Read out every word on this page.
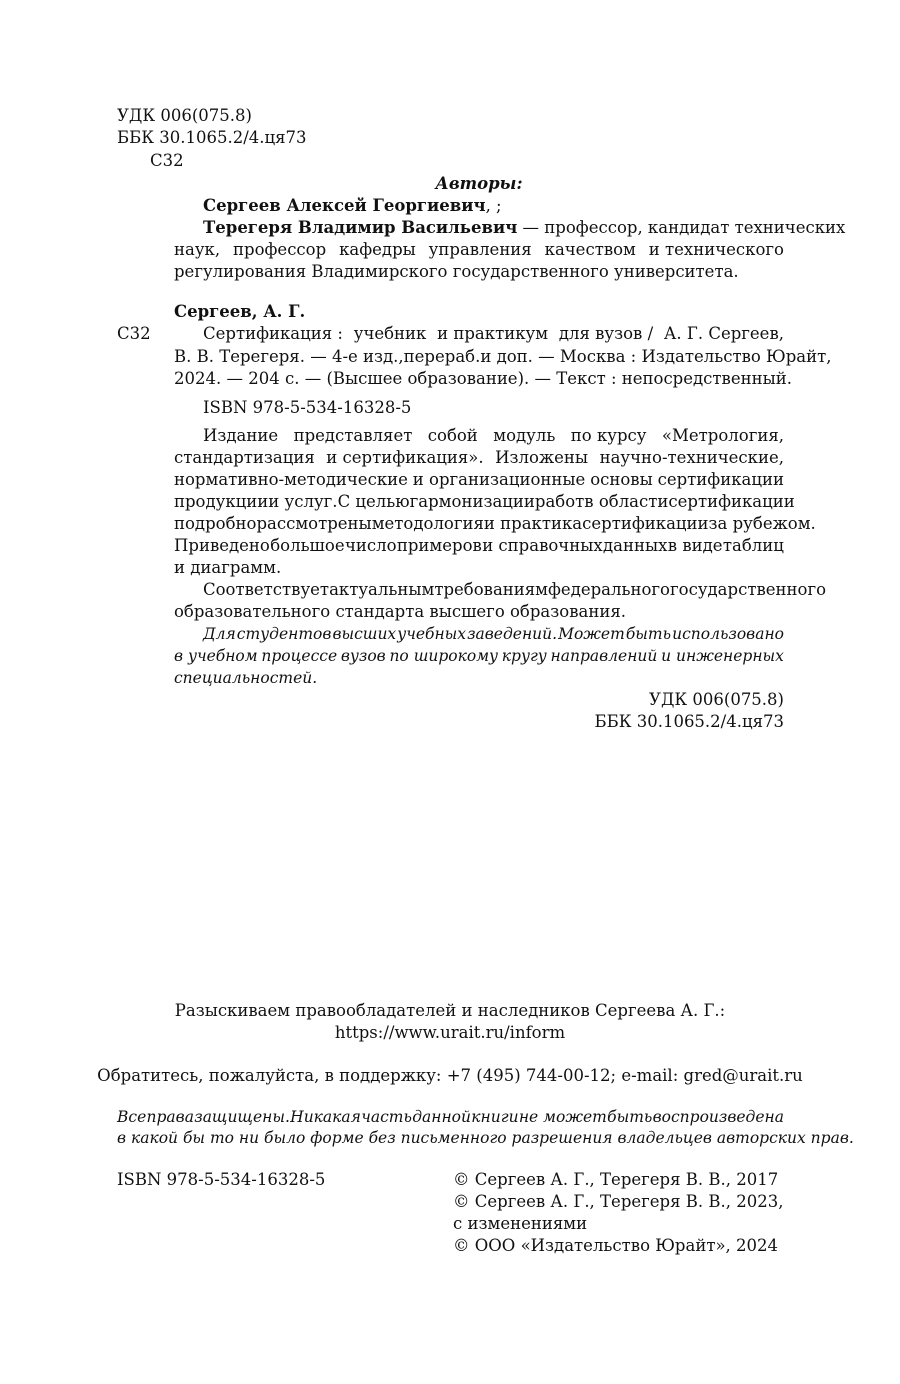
УДК 006(075.8)
ББК 30.1065.2/4.ця73
С32
Авторы:
Сергеев Алексей Георгиевич, ;
Терегеря Владимир Васильевич — профессор, кандидат технических
наук, профессор кафедры управления качеством и технического
регулирования Владимирского государственного университета.
Сергеев, А. Г.
С32	Сертификация : учебник и практикум для вузов / А. Г. Сергеев,
В. В. Терегеря. — 4-е изд., перераб. и доп. — Москва : Издательство Юрайт,
2024. — 204 с. — (Высшее образование). — Текст : непосредственный.
ISBN 978-5-534-16328-5
Издание представляет собой модуль по курсу «Метрология,
стандартизация и сертификация». Изложены научно-технические,
нормативно-методические и организационные основы сертификации
продукции и услуг. С целью гармонизации работ в области сертификации
подробно рассмотрены методология и практика сертификации за рубежом.
Приведено большое число примеров и справочных данных в виде таблиц
и диаграмм.
Соответствует актуальным требованиям федерального государственного
образовательного стандарта высшего образования.
Для студентов высших учебных заведений. Может быть использовано
в учебном процессе вузов по широкому кругу направлений и инженерных
специальностей.
УДК 006(075.8)
ББК 30.1065.2/4.ця73
Разыскиваем правообладателей и наследников Сергеева А. Г.:
https://www.urait.ru/inform
Обратитесь, пожалуйста, в поддержку: +7 (495) 744-00-12; e-mail: gred@urait.ru
Все права защищены. Никакая часть данной книги не может быть воспроизведена
в какой бы то ни было форме без письменного разрешения владельцев авторских прав.
ISBN 978-5-534-16328-5	© Сергеев А. Г., Терегеря В. В., 2017
© Сергеев А. Г., Терегеря В. В., 2023,
с изменениями
© ООО «Издательство Юрайт», 2024
